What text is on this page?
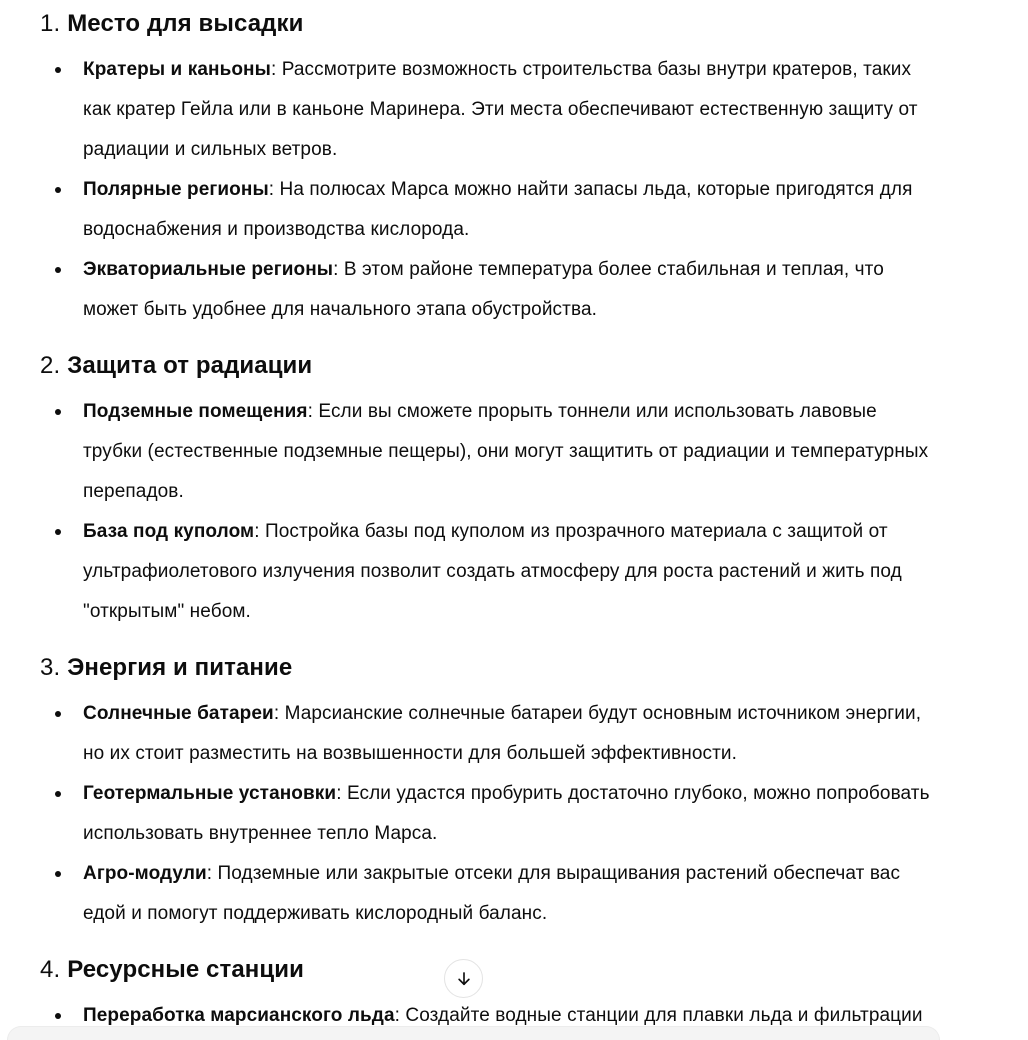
1. Место для высадки
Кратеры и каньоны: Рассмотрите возможность строительства базы внутри кратеров, таких как кратер Гейла или в каньоне Маринера. Эти места обеспечивают естественную защиту от радиации и сильных ветров.
Полярные регионы: На полюсах Марса можно найти запасы льда, которые пригодятся для водоснабжения и производства кислорода.
Экваториальные регионы: В этом районе температура более стабильная и теплая, что может быть удобнее для начального этапа обустройства.
2. Защита от радиации
Подземные помещения: Если вы сможете прорыть тоннели или использовать лавовые трубки (естественные подземные пещеры), они могут защитить от радиации и температурных перепадов.
База под куполом: Постройка базы под куполом из прозрачного материала с защитой от ультрафиолетового излучения позволит создать атмосферу для роста растений и жить под "открытым" небом.
3. Энергия и питание
Солнечные батареи: Марсианские солнечные батареи будут основным источником энергии, но их стоит разместить на возвышенности для большей эффективности.
Геотермальные установки: Если удастся пробурить достаточно глубоко, можно попробовать использовать внутреннее тепло Марса.
Агро-модули: Подземные или закрытые отсеки для выращивания растений обеспечат вас едой и помогут поддерживать кислородный баланс.
4. Ресурсные станции
Переработка марсианского льда: Создайте водные станции для плавки льда и фильтрации
